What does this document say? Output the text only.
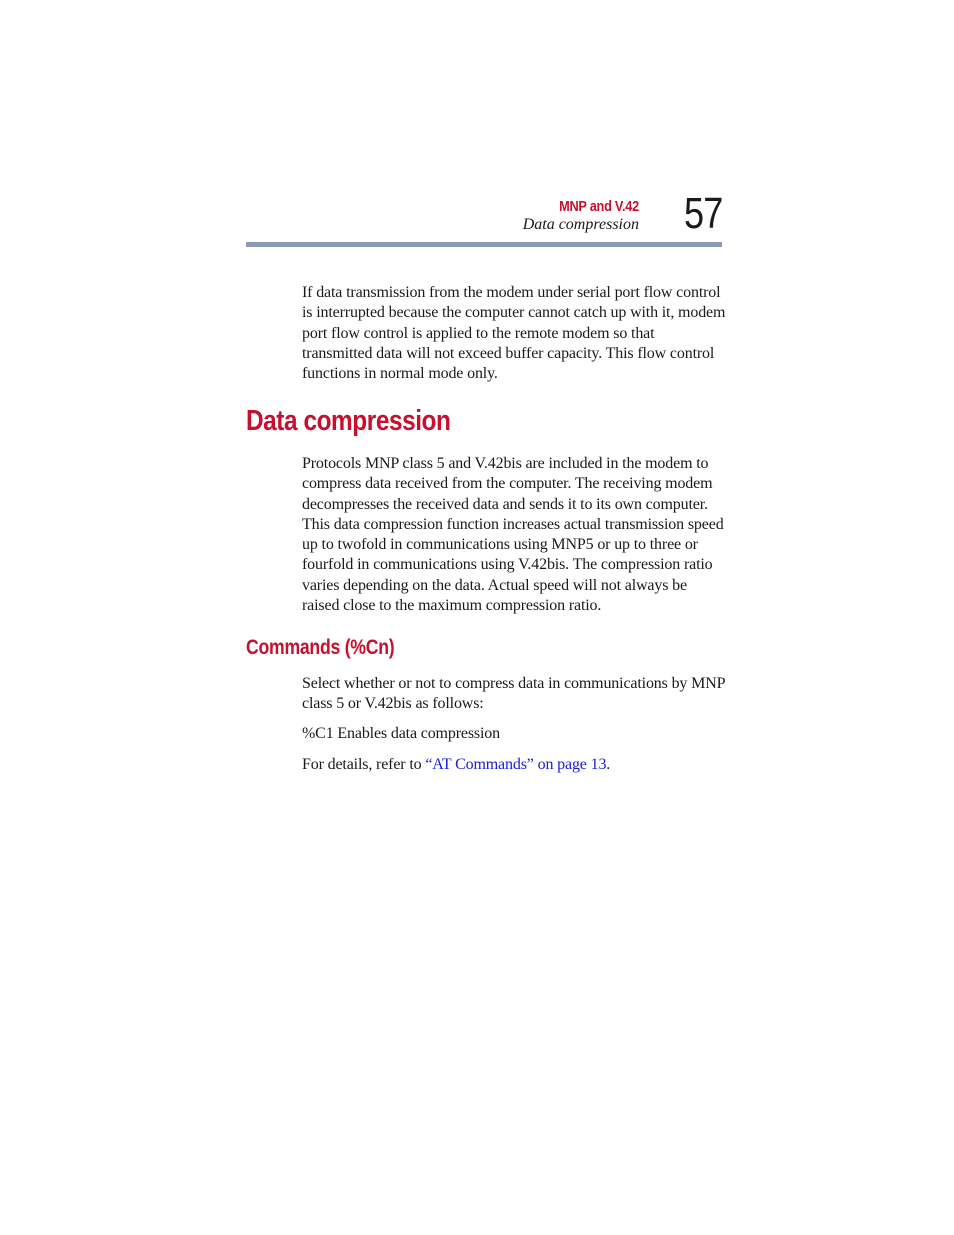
MNP and V.42
Data compression 57

If data transmission from the modem under serial port flow control is interrupted because the computer cannot catch up with it, modem port flow control is applied to the remote modem so that transmitted data will not exceed buffer capacity. This flow control functions in normal mode only.

Data compression

Protocols MNP class 5 and V.42bis are included in the modem to compress data received from the computer. The receiving modem decompresses the received data and sends it to its own computer. This data compression function increases actual transmission speed up to twofold in communications using MNP5 or up to three or fourfold in communications using V.42bis. The compression ratio varies depending on the data. Actual speed will not always be raised close to the maximum compression ratio.

Commands (%Cn)

Select whether or not to compress data in communications by MNP class 5 or V.42bis as follows:

%C1 Enables data compression

For details, refer to “AT Commands” on page 13.
